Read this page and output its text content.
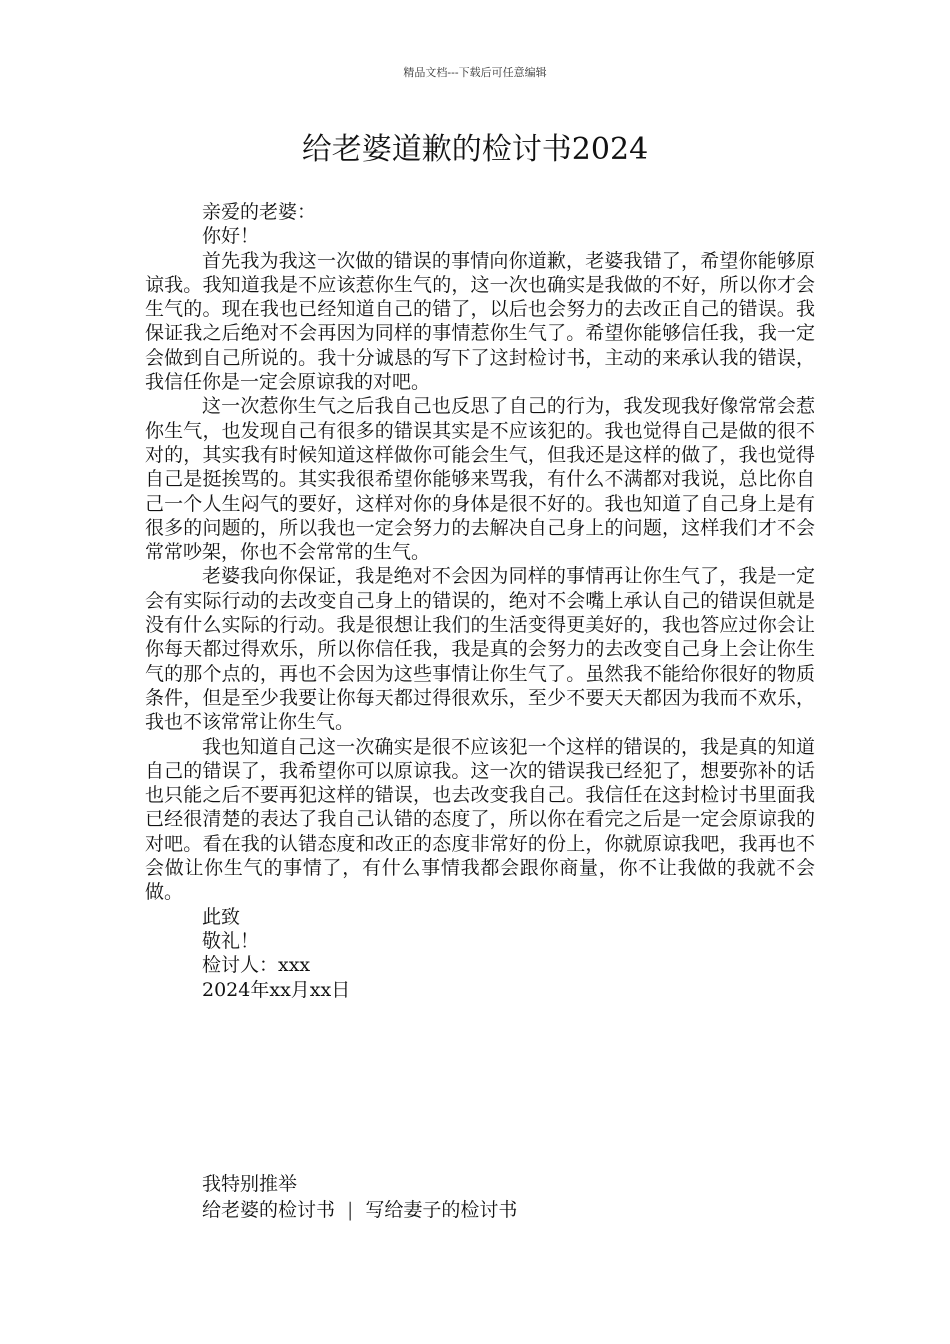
精品文档---下载后可任意编辑
给老婆道歉的检讨书2024
亲爱的老婆：
你好！

首先我为我这一次做的错误的事情向你道歉，老婆我错了，希望你能够原谅我。我知道我是不应该惹你生气的，这一次也确实是我做的不好，所以你才会生气的。现在我也已经知道自己的错了，以后也会努力的去改正自己的错误。我保证我之后绝对不会再因为同样的事情惹你生气了。希望你能够信任我，我一定会做到自己所说的。我十分诚恳的写下了这封检讨书，主动的来承认我的错误，我信任你是一定会原谅我的对吧。

这一次惹你生气之后我自己也反思了自己的行为，我发现我好像常常会惹你生气，也发现自己有很多的错误其实是不应该犯的。我也觉得自己是做的很不对的，其实我有时候知道这样做你可能会生气，但我还是这样的做了，我也觉得自己是挺挨骂的。其实我很希望你能够来骂我，有什么不满都对我说，总比你自己一个人生闷气的要好，这样对你的身体是很不好的。我也知道了自己身上是有很多的问题的，所以我也一定会努力的去解决自己身上的问题，这样我们才不会常常吵架，你也不会常常的生气。

老婆我向你保证，我是绝对不会因为同样的事情再让你生气了，我是一定会有实际行动的去改变自己身上的错误的，绝对不会嘴上承认自己的错误但就是没有什么实际的行动。我是很想让我们的生活变得更美好的，我也答应过你会让你每天都过得欢乐，所以你信任我，我是真的会努力的去改变自己身上会让你生气的那个点的，再也不会因为这些事情让你生气了。虽然我不能给你很好的物质条件，但是至少我要让你每天都过得很欢乐，至少不要天天都因为我而不欢乐，我也不该常常让你生气。

我也知道自己这一次确实是很不应该犯一个这样的错误的，我是真的知道自己的错误了，我希望你可以原谅我。这一次的错误我已经犯了，想要弥补的话也只能之后不要再犯这样的错误，也去改变我自己。我信任在这封检讨书里面我已经很清楚的表达了我自己认错的态度了，所以你在看完之后是一定会原谅我的对吧。看在我的认错态度和改正的态度非常好的份上，你就原谅我吧，我再也不会做让你生气的事情了，有什么事情我都会跟你商量，你不让我做的我就不会做。

此致
敬礼！
检讨人：xxx
2024年xx月xx日
我特别推举
给老婆的检讨书 | 写给妻子的检讨书
